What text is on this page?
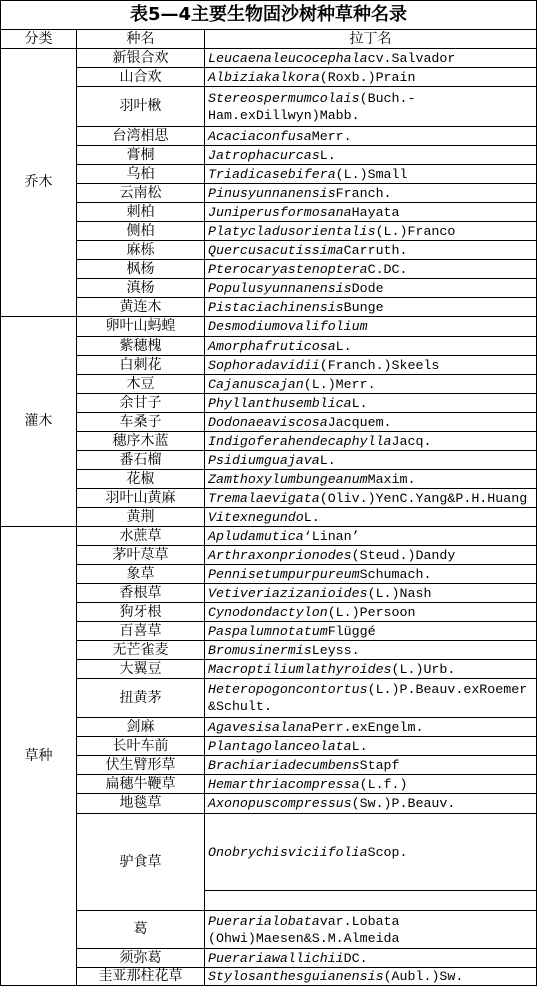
表5—4主要生物固沙树种草种名录		
分类	种名	拉丁名
乔木	新银合欢	Leucaenaleucocephalacv.Salvador

	山合欢	Albiziakalkora(Roxb.)Prain

	羽叶楸	Stereospermumcolais(Buch.-Ham.exDillwyn)Mabb.

	台湾相思	AcaciaconfusaMerr.

	膏桐	JatrophacurcasL.

	乌桕	Triadicasebifera(L.)Small

	云南松	PinusyunnanensisFranch.

	刺柏	JuniperusformosanaHayata

	侧柏	Platycladusorientalis(L.)Franco

	麻栎	QuercusacutissimaCarruth.

	枫杨	PterocaryastenopteraC.DC.

	滇杨	PopulusyunnanensisDode

	黄连木	PistaciachinensisBunge

灌木	卵叶山蚂蝗	Desmodiumovalifolium

	紫穗槐	AmorphafruticosaL.

	白刺花	Sophoradavidii(Franch.)Skeels

	木豆	Cajanuscajan(L.)Merr.

	余甘子	PhyllanthusemblicaL.

	车桑子	DodonaeaviscosaJacquem.

	穗序木蓝	IndigoferahendecaphyllaJacq.

	番石榴	PsidiumguajavaL.

	花椒	ZamthoxylumbungeanumMaxim.

	羽叶山黄麻	Tremalaevigata(Oliv.)YenC.Yang&P.H.Huang

	黄荆	VitexnegundoL.

草种	水蔗草	Apludamutica‘Linan’

	茅叶荩草	Arthraxonprionodes(Steud.)Dandy

	象草	PennisetumpurpureumSchumach.

	香根草	Vetiveriazizanioides(L.)Nash

	狗牙根	Cynodondactylon(L.)Persoon

	百喜草	PaspalumnotatumFlüggé

	无芒雀麦	BromusinermisLeyss.

	大翼豆	Macroptiliumlathyroides(L.)Urb.

	扭黄茅	Heteropogoncontortus(L.)P.Beauv.exRoemer&Schult.

	剑麻	AgavesisalanaPerr.exEngelm.

	长叶车前	PlantagolanceolataL.

	伏生臂形草	BrachiariadecumbensStapf

	扁穗牛鞭草	Hemarthriacompressa(L.f.)

	地毯草	Axonopuscompressus(Sw.)P.Beauv.

	驴食草	OnobrychisviciifoliaScop.

	葛	Puerarialobatavar.Lobata(Ohwi)Maesen&S.M.Almeida

	须弥葛	PuerariawallichiiDC.

	圭亚那柱花草	Stylosanthesguianensis(Aubl.)Sw.
